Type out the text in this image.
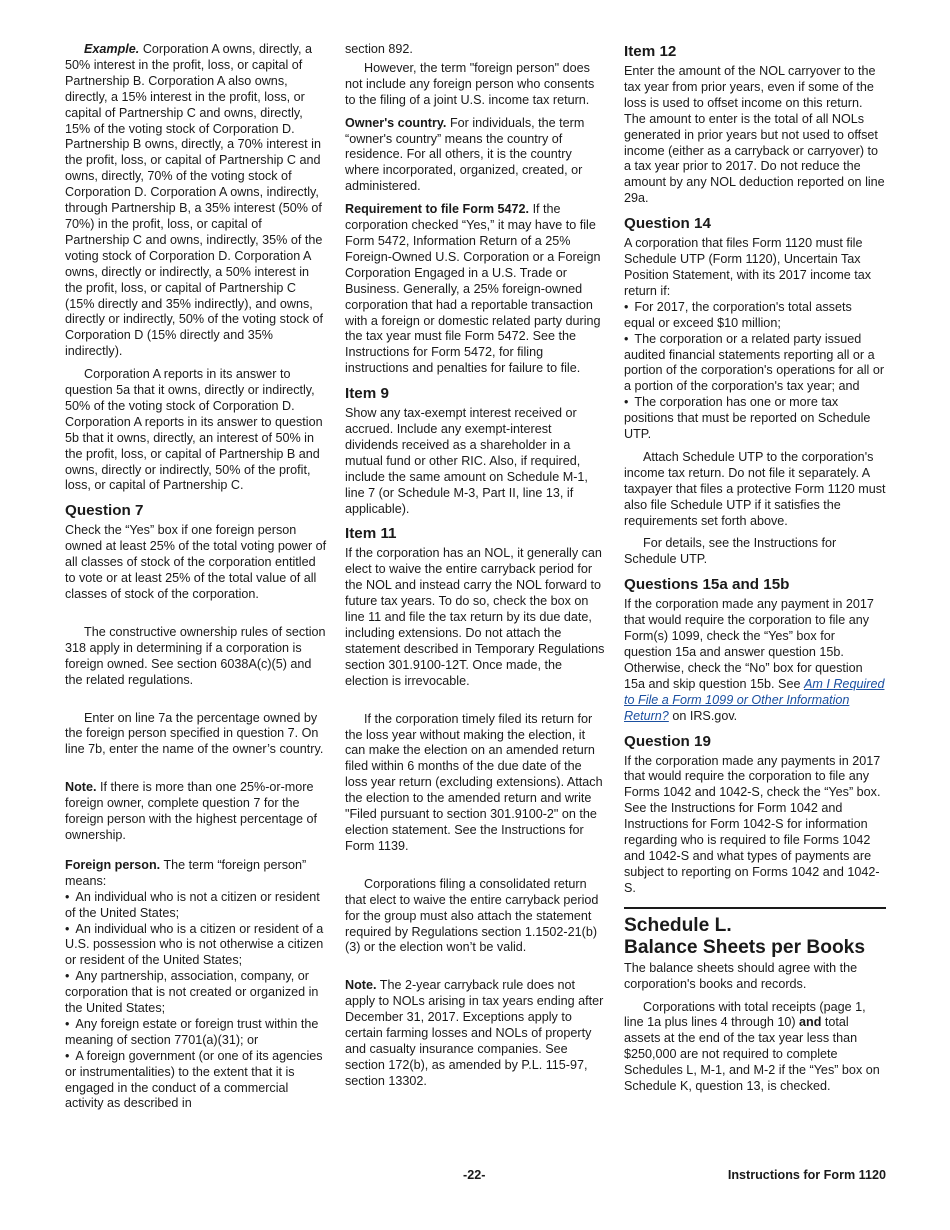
Example. Corporation A owns, directly, a 50% interest in the profit, loss, or capital of Partnership B. Corporation A also owns, directly, a 15% interest in the profit, loss, or capital of Partnership C and owns, directly, 15% of the voting stock of Corporation D. Partnership B owns, directly, a 70% interest in the profit, loss, or capital of Partnership C and owns, directly, 70% of the voting stock of Corporation D. Corporation A owns, indirectly, through Partnership B, a 35% interest (50% of 70%) in the profit, loss, or capital of Partnership C and owns, indirectly, 35% of the voting stock of Corporation D. Corporation A owns, directly or indirectly, a 50% interest in the profit, loss, or capital of Partnership C (15% directly and 35% indirectly), and owns, directly or indirectly, 50% of the voting stock of Corporation D (15% directly and 35% indirectly).

Corporation A reports in its answer to question 5a that it owns, directly or indirectly, 50% of the voting stock of Corporation D. Corporation A reports in its answer to question 5b that it owns, directly, an interest of 50% in the profit, loss, or capital of Partnership B and owns, directly or indirectly, 50% of the profit, loss, or capital of Partnership C.

Question 7

Check the “Yes” box if one foreign person owned at least 25% of the total voting power of all classes of stock of the corporation entitled to vote or at least 25% of the total value of all classes of stock of the corporation.

The constructive ownership rules of section 318 apply in determining if a corporation is foreign owned. See section 6038A(c)(5) and the related regulations.

Enter on line 7a the percentage owned by the foreign person specified in question 7. On line 7b, enter the name of the owner’s country.

Note. If there is more than one 25%-or-more foreign owner, complete question 7 for the foreign person with the highest percentage of ownership.

Foreign person. The term “foreign person” means:

• An individual who is not a citizen or resident of the United States;
• An individual who is a citizen or resident of a U.S. possession who is not otherwise a citizen or resident of the United States;
• Any partnership, association, company, or corporation that is not created or organized in the United States;
• Any foreign estate or foreign trust within the meaning of section 7701(a)(31); or
• A foreign government (or one of its agencies or instrumentalities) to the extent that it is engaged in the conduct of a commercial activity as described in

section 892.

However, the term "foreign person" does not include any foreign person who consents to the filing of a joint U.S. income tax return.

Owner's country. For individuals, the term “owner's country” means the country of residence. For all others, it is the country where incorporated, organized, created, or administered.

Requirement to file Form 5472. If the corporation checked “Yes,” it may have to file Form 5472, Information Return of a 25% Foreign-Owned U.S. Corporation or a Foreign Corporation Engaged in a U.S. Trade or Business. Generally, a 25% foreign-owned corporation that had a reportable transaction with a foreign or domestic related party during the tax year must file Form 5472. See the Instructions for Form 5472, for filing instructions and penalties for failure to file.

Item 9

Show any tax-exempt interest received or accrued. Include any exempt-interest dividends received as a shareholder in a mutual fund or other RIC. Also, if required, include the same amount on Schedule M-1, line 7 (or Schedule M-3, Part II, line 13, if applicable).

Item 11

If the corporation has an NOL, it generally can elect to waive the entire carryback period for the NOL and instead carry the NOL forward to future tax years. To do so, check the box on line 11 and file the tax return by its due date, including extensions. Do not attach the statement described in Temporary Regulations section 301.9100-12T. Once made, the election is irrevocable.

If the corporation timely filed its return for the loss year without making the election, it can make the election on an amended return filed within 6 months of the due date of the loss year return (excluding extensions). Attach the election to the amended return and write "Filed pursuant to section 301.9100-2" on the election statement. See the Instructions for Form 1139.

Corporations filing a consolidated return that elect to waive the entire carryback period for the group must also attach the statement required by Regulations section 1.1502-21(b)(3) or the election won’t be valid.

Note. The 2-year carryback rule does not apply to NOLs arising in tax years ending after December 31, 2017. Exceptions apply to certain farming losses and NOLs of property and casualty insurance companies. See section 172(b), as amended by P.L. 115-97, section 13302.

Item 12

Enter the amount of the NOL carryover to the tax year from prior years, even if some of the loss is used to offset income on this return. The amount to enter is the total of all NOLs generated in prior years but not used to offset income (either as a carryback or carryover) to a tax year prior to 2017. Do not reduce the amount by any NOL deduction reported on line 29a.

Question 14

A corporation that files Form 1120 must file Schedule UTP (Form 1120), Uncertain Tax Position Statement, with its 2017 income tax return if:

• For 2017, the corporation's total assets equal or exceed $10 million;
• The corporation or a related party issued audited financial statements reporting all or a portion of the corporation's operations for all or a portion of the corporation's tax year; and
• The corporation has one or more tax positions that must be reported on Schedule UTP.

Attach Schedule UTP to the corporation's income tax return. Do not file it separately. A taxpayer that files a protective Form 1120 must also file Schedule UTP if it satisfies the requirements set forth above.

For details, see the Instructions for Schedule UTP.

Questions 15a and 15b

If the corporation made any payment in 2017 that would require the corporation to file any Form(s) 1099, check the “Yes” box for question 15a and answer question 15b. Otherwise, check the “No” box for question 15a and skip question 15b. See Am I Required to File a Form 1099 or Other Information Return? on IRS.gov.

Question 19

If the corporation made any payments in 2017 that would require the corporation to file any Forms 1042 and 1042-S, check the “Yes” box. See the Instructions for Form 1042 and Instructions for Form 1042-S for information regarding who is required to file Forms 1042 and 1042-S and what types of payments are subject to reporting on Forms 1042 and 1042-S.

Schedule L.
Balance Sheets per Books

The balance sheets should agree with the corporation's books and records.

Corporations with total receipts (page 1, line 1a plus lines 4 through 10) and total assets at the end of the tax year less than $250,000 are not required to complete Schedules L, M-1, and M-2 if the “Yes” box on Schedule K, question 13, is checked.

-22-	Instructions for Form 1120
